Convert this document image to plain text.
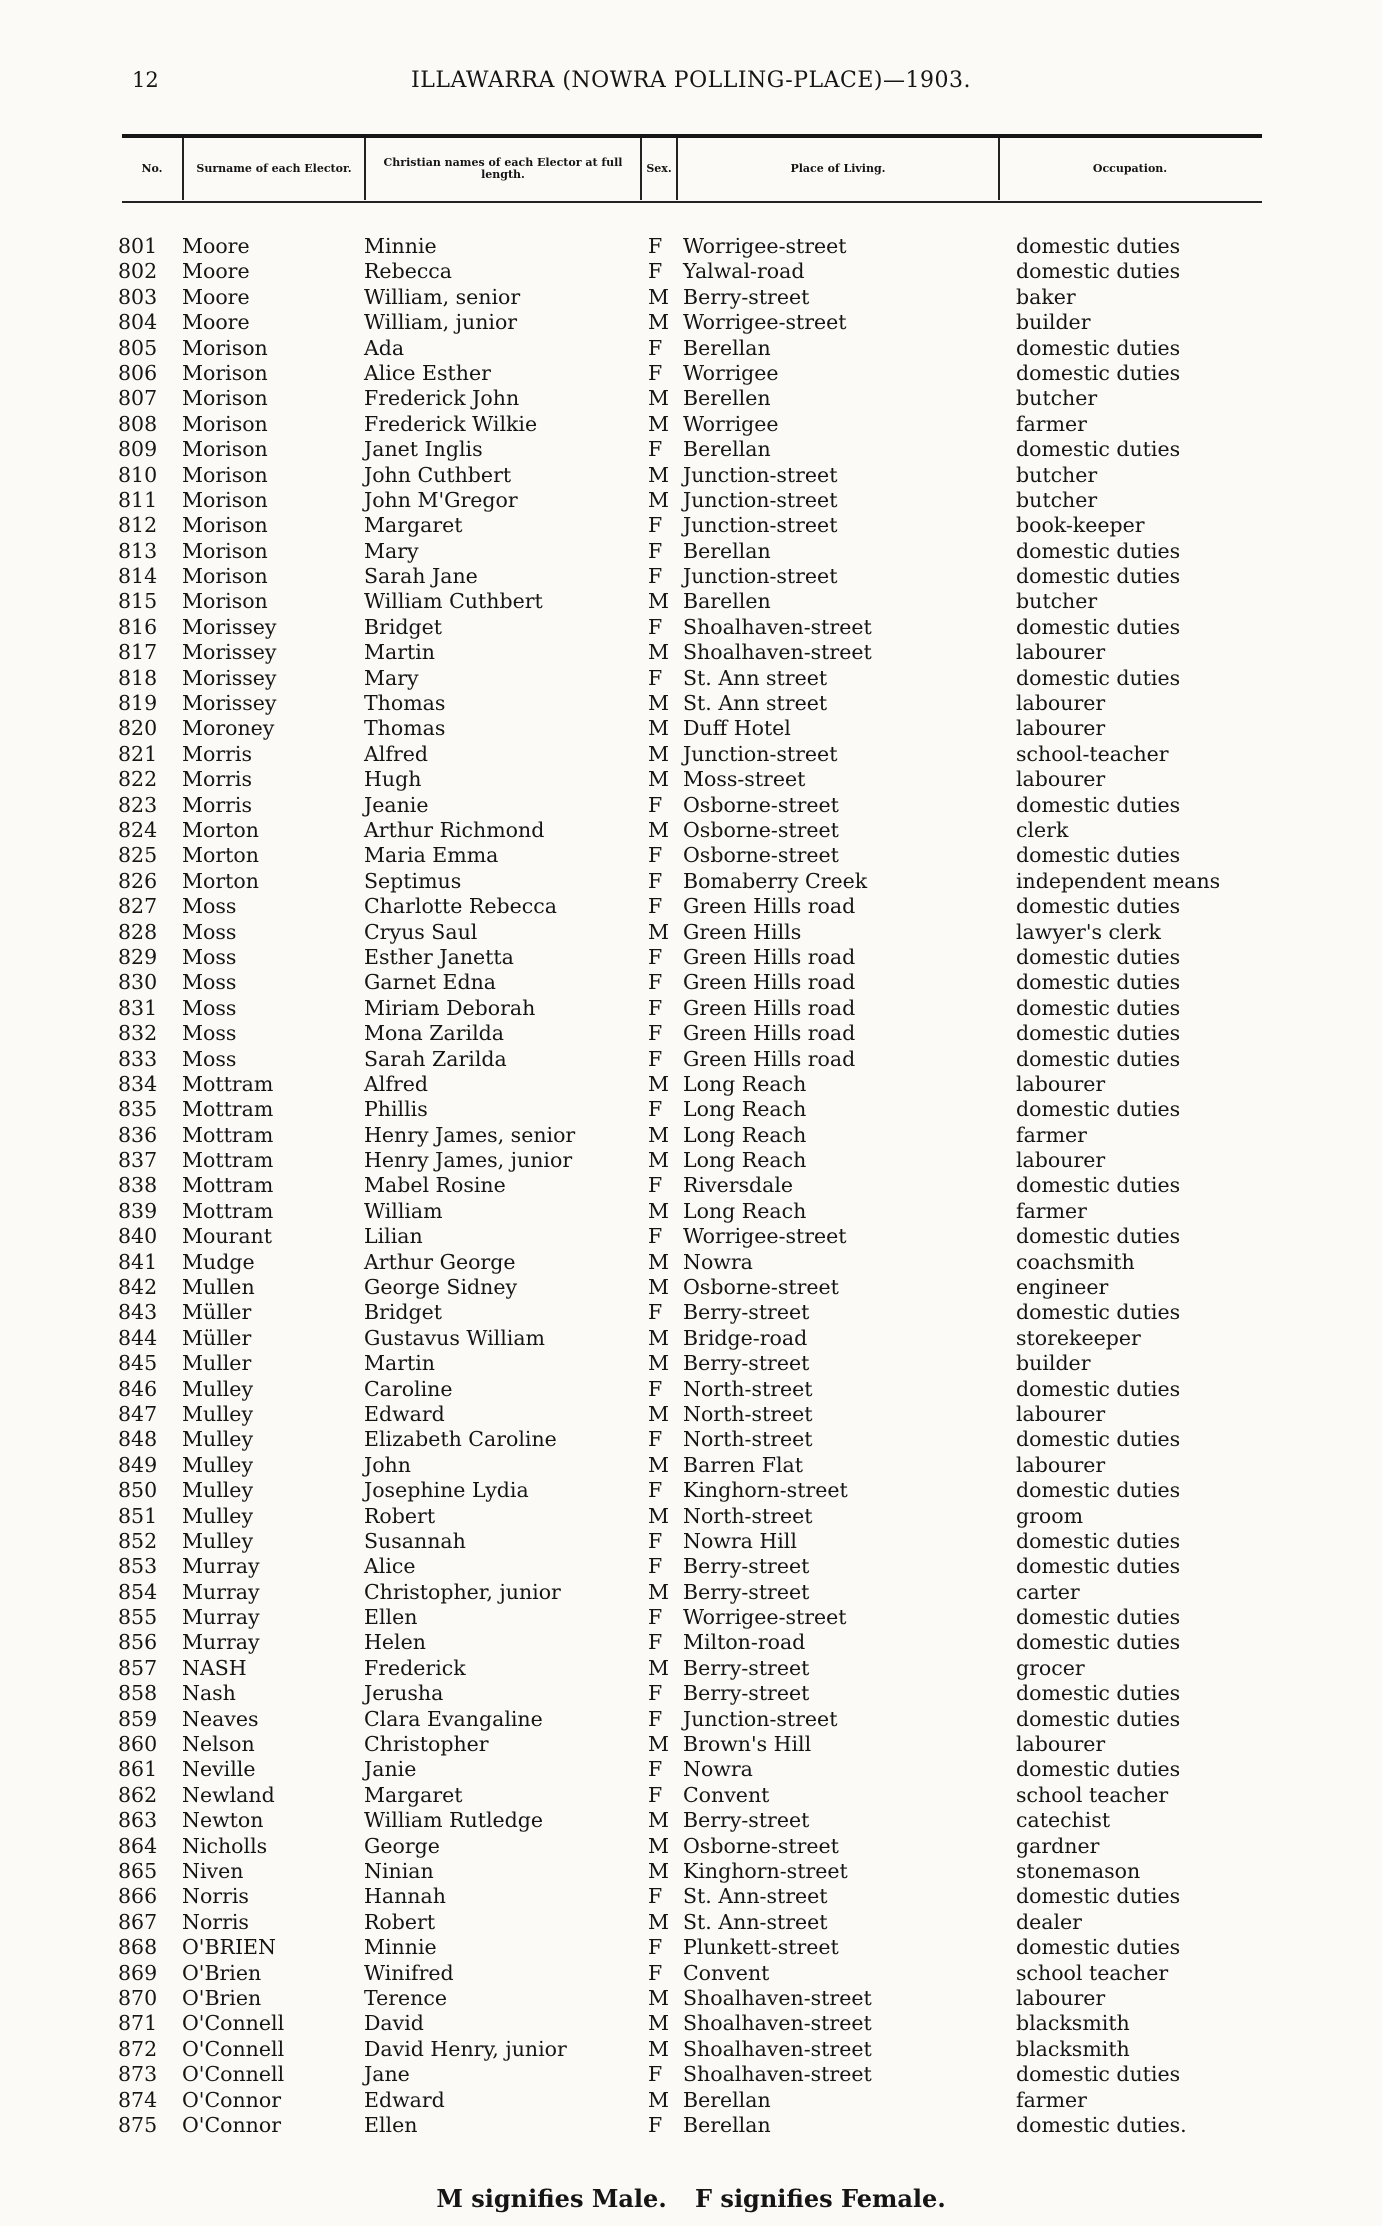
12	ILLAWARRA (NOWRA POLLING-PLACE)—1903.
No.	Surname of each Elector.	Christian names of each Elector at full length.	Sex.	Place of Living.	Occupation.
801 Moore	Minnie	F Worrigee-street	domestic duties
802 Moore	Rebecca	F Yalwal-road	domestic duties
803 Moore	William, senior	M Berry-street	baker
804 Moore	William, junior	M Worrigee-street	builder
805 Morison	Ada	F Berellan	domestic duties
806 Morison	Alice Esther	F Worrigee	domestic duties
807 Morison	Frederick John	M Berellen	butcher
808 Morison	Frederick Wilkie	M Worrigee	farmer
809 Morison	Janet Inglis	F Berellan	domestic duties
810 Morison	John Cuthbert	M Junction-street	butcher
811 Morison	John M'Gregor	M Junction-street	butcher
812 Morison	Margaret	F Junction-street	book-keeper
813 Morison	Mary	F Berellan	domestic duties
814 Morison	Sarah Jane	F Junction-street	domestic duties
815 Morison	William Cuthbert	M Barellen	butcher
816 Morissey	Bridget	F Shoalhaven-street	domestic duties
817 Morissey	Martin	M Shoalhaven-street	labourer
818 Morissey	Mary	F St. Ann street	domestic duties
819 Morissey	Thomas	M St. Ann street	labourer
820 Moroney	Thomas	M Duff Hotel	labourer
821 Morris	Alfred	M Junction-street	school-teacher
822 Morris	Hugh	M Moss-street	labourer
823 Morris	Jeanie	F Osborne-street	domestic duties
824 Morton	Arthur Richmond	M Osborne-street	clerk
825 Morton	Maria Emma	F Osborne-street	domestic duties
826 Morton	Septimus	F Bomaberry Creek	independent means
827 Moss	Charlotte Rebecca	F Green Hills road	domestic duties
828 Moss	Cryus Saul	M Green Hills	lawyer's clerk
829 Moss	Esther Janetta	F Green Hills road	domestic duties
830 Moss	Garnet Edna	F Green Hills road	domestic duties
831 Moss	Miriam Deborah	F Green Hills road	domestic duties
832 Moss	Mona Zarilda	F Green Hills road	domestic duties
833 Moss	Sarah Zarilda	F Green Hills road	domestic duties
834 Mottram	Alfred	M Long Reach	labourer
835 Mottram	Phillis	F Long Reach	domestic duties
836 Mottram	Henry James, senior	M Long Reach	farmer
837 Mottram	Henry James, junior	M Long Reach	labourer
838 Mottram	Mabel Rosine	F Riversdale	domestic duties
839 Mottram	William	M Long Reach	farmer
840 Mourant	Lilian	F Worrigee-street	domestic duties
841 Mudge	Arthur George	M Nowra	coachsmith
842 Mullen	George Sidney	M Osborne-street	engineer
843 Müller	Bridget	F Berry-street	domestic duties
844 Müller	Gustavus William	M Bridge-road	storekeeper
845 Muller	Martin	M Berry-street	builder
846 Mulley	Caroline	F North-street	domestic duties
847 Mulley	Edward	M North-street	labourer
848 Mulley	Elizabeth Caroline	F North-street	domestic duties
849 Mulley	John	M Barren Flat	labourer
850 Mulley	Josephine Lydia	F Kinghorn-street	domestic duties
851 Mulley	Robert	M North-street	groom
852 Mulley	Susannah	F Nowra Hill	domestic duties
853 Murray	Alice	F Berry-street	domestic duties
854 Murray	Christopher, junior	M Berry-street	carter
855 Murray	Ellen	F Worrigee-street	domestic duties
856 Murray	Helen	F Milton-road	domestic duties
857 NASH	Frederick	M Berry-street	grocer
858 Nash	Jerusha	F Berry-street	domestic duties
859 Neaves	Clara Evangaline	F Junction-street	domestic duties
860 Nelson	Christopher	M Brown's Hill	labourer
861 Neville	Janie	F Nowra	domestic duties
862 Newland	Margaret	F Convent	school teacher
863 Newton	William Rutledge	M Berry-street	catechist
864 Nicholls	George	M Osborne-street	gardner
865 Niven	Ninian	M Kinghorn-street	stonemason
866 Norris	Hannah	F St. Ann-street	domestic duties
867 Norris	Robert	M St. Ann-street	dealer
868 O'BRIEN	Minnie	F Plunkett-street	domestic duties
869 O'Brien	Winifred	F Convent	school teacher
870 O'Brien	Terence	M Shoalhaven-street	labourer
871 O'Connell	David	M Shoalhaven-street	blacksmith
872 O'Connell	David Henry, junior	M Shoalhaven-street	blacksmith
873 O'Connell	Jane	F Shoalhaven-street	domestic duties
874 O'Connor	Edward	M Berellan	farmer
875 O'Connor	Ellen	F Berellan	domestic duties.
M signifies Male. F signifies Female.
